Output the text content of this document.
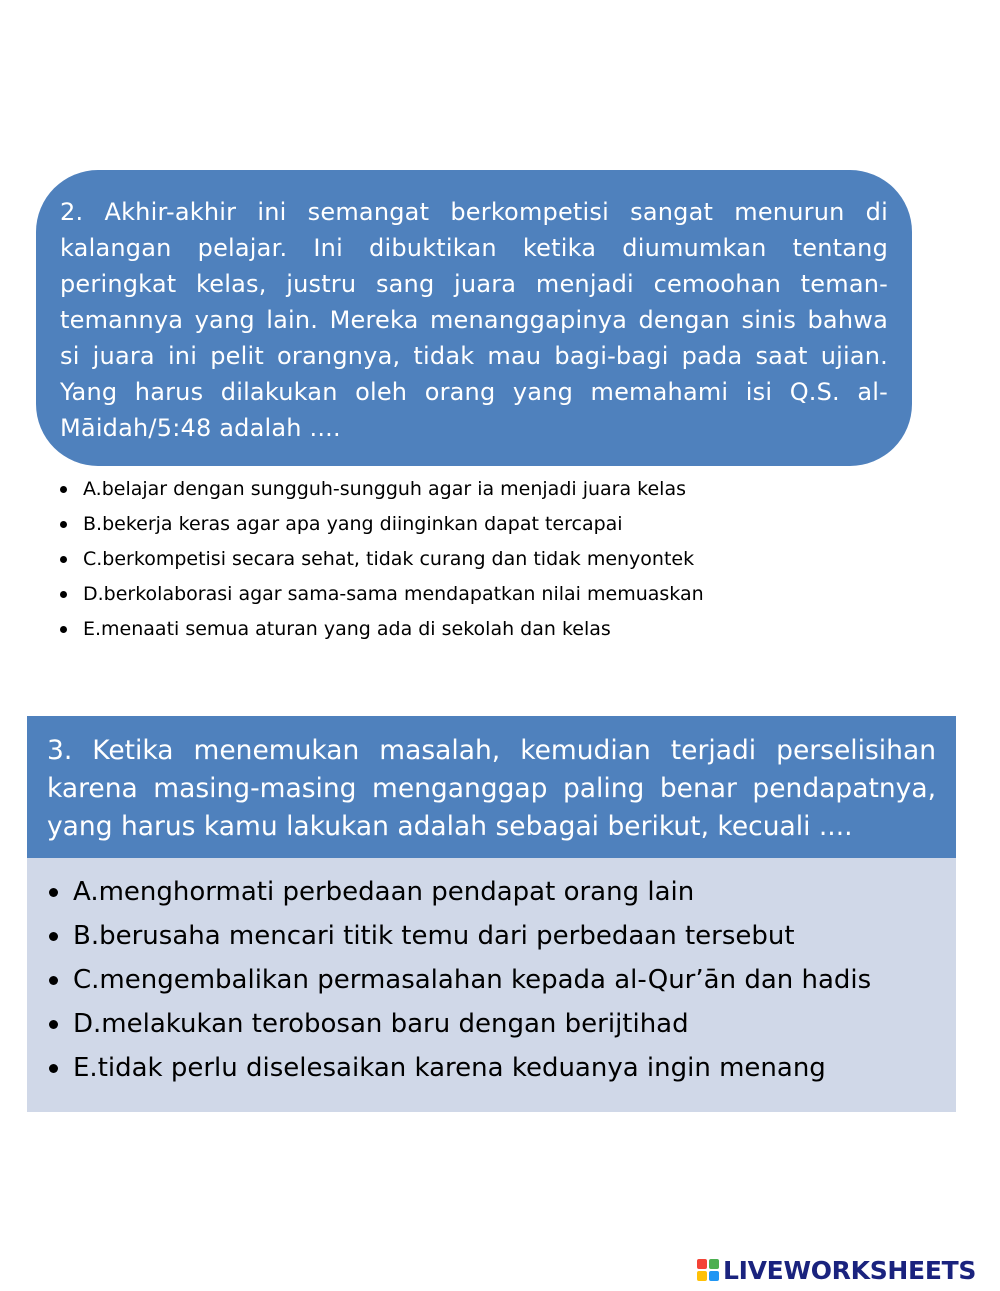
2. Akhir-akhir ini semangat berkompetisi sangat menurun di kalangan pelajar. Ini dibuktikan ketika diumumkan tentang peringkat kelas, justru sang juara menjadi cemoohan teman-temannya yang lain. Mereka menanggapinya dengan sinis bahwa si juara ini pelit orangnya, tidak mau bagi-bagi pada saat ujian. Yang harus dilakukan oleh orang yang memahami isi Q.S. al-Māidah/5:48 adalah ....
A.belajar dengan sungguh-sungguh agar ia menjadi juara kelas
B.bekerja keras agar apa yang diinginkan dapat tercapai
C.berkompetisi secara sehat, tidak curang dan tidak menyontek
D.berkolaborasi agar sama-sama mendapatkan nilai memuaskan
E.menaati semua aturan yang ada di sekolah dan kelas
3. Ketika menemukan masalah, kemudian terjadi perselisihan karena masing-masing menganggap paling benar pendapatnya, yang harus kamu lakukan adalah sebagai berikut, kecuali ....
A.menghormati perbedaan pendapat orang lain
B.berusaha mencari titik temu dari perbedaan tersebut
C.mengembalikan permasalahan kepada al-Qur’ān dan hadis
D.melakukan terobosan baru dengan berijtihad
E.tidak perlu diselesaikan karena keduanya ingin menang
LIVEWORKSHEETS
